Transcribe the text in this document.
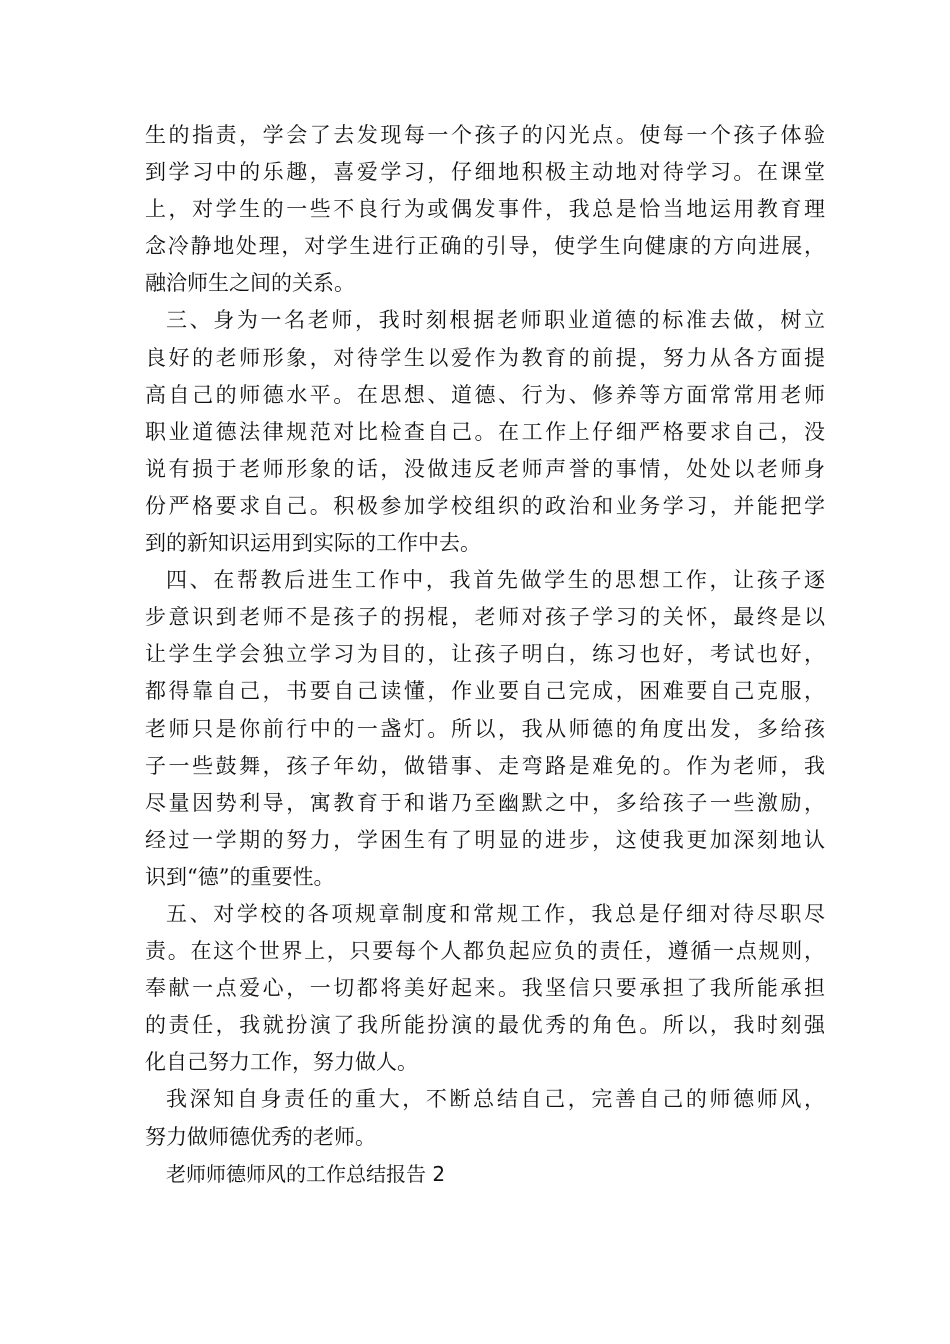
生的指责，学会了去发现每一个孩子的闪光点。使每一个孩子体验
到学习中的乐趣，喜爱学习，仔细地积极主动地对待学习。在课堂
上，对学生的一些不良行为或偶发事件，我总是恰当地运用教育理
念冷静地处理，对学生进行正确的引导，使学生向健康的方向进展，
融洽师生之间的关系。
三、身为一名老师，我时刻根据老师职业道德的标准去做，树立
良好的老师形象，对待学生以爱作为教育的前提，努力从各方面提
高自己的师德水平。在思想、道德、行为、修养等方面常常用老师
职业道德法律规范对比检查自己。在工作上仔细严格要求自己，没
说有损于老师形象的话，没做违反老师声誉的事情，处处以老师身
份严格要求自己。积极参加学校组织的政治和业务学习，并能把学
到的新知识运用到实际的工作中去。
四、在帮教后进生工作中，我首先做学生的思想工作，让孩子逐
步意识到老师不是孩子的拐棍，老师对孩子学习的关怀，最终是以
让学生学会独立学习为目的，让孩子明白，练习也好，考试也好，
都得靠自己，书要自己读懂，作业要自己完成，困难要自己克服，
老师只是你前行中的一盏灯。所以，我从师德的角度出发，多给孩
子一些鼓舞，孩子年幼，做错事、走弯路是难免的。作为老师，我
尽量因势利导，寓教育于和谐乃至幽默之中，多给孩子一些激励，
经过一学期的努力，学困生有了明显的进步，这使我更加深刻地认
识到“德”的重要性。
五、对学校的各项规章制度和常规工作，我总是仔细对待尽职尽
责。在这个世界上，只要每个人都负起应负的责任，遵循一点规则，
奉献一点爱心，一切都将美好起来。我坚信只要承担了我所能承担
的责任，我就扮演了我所能扮演的最优秀的角色。所以，我时刻强
化自己努力工作，努力做人。
我深知自身责任的重大，不断总结自己，完善自己的师德师风，
努力做师德优秀的老师。
老师师德师风的工作总结报告 2
